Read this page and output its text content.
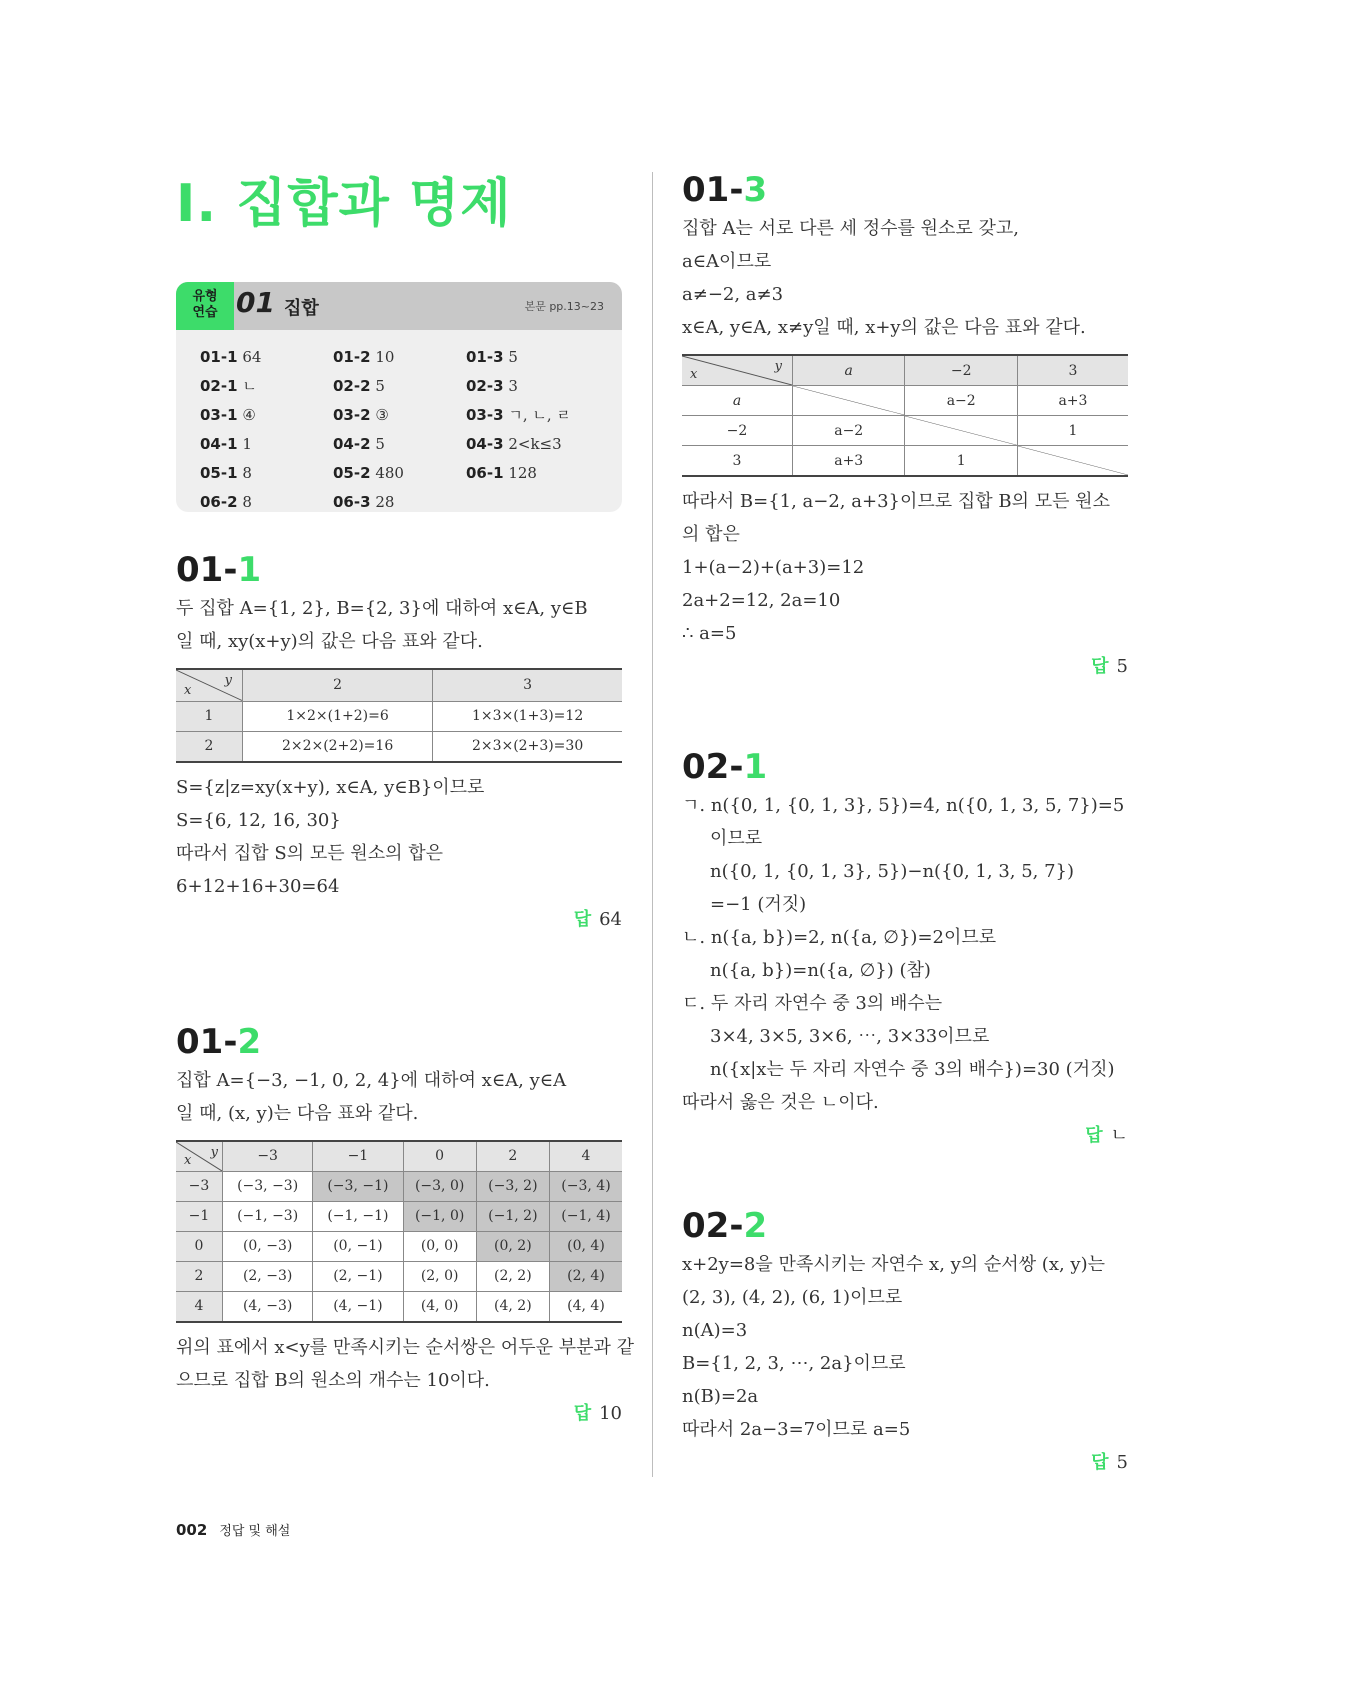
Ⅰ. 집합과 명제
유형
연습 01 집합	본문 pp.13~23
01-1 64	01-2 10	01-3 5
02-1 ㄴ	02-2 5	02-3 3
03-1 ④	03-2 ③	03-3 ㄱ, ㄴ, ㄹ
04-1 1	04-2 5	04-3 2<k≤3
05-1 8	05-2 480	06-1 128
06-2 8	06-3 28
01-1
두 집합 A={1, 2}, B={2, 3}에 대하여 x∈A, y∈B
일 때, xy(x+y)의 값은 다음 표와 같다.
x
y	2	3
1	1×2×(1+2)=6	1×3×(1+3)=12
2	2×2×(2+2)=16	2×3×(2+3)=30
S={z|z=xy(x+y), x∈A, y∈B}이므로
S={6, 12, 16, 30}
따라서 집합 S의 모든 원소의 합은
6+12+16+30=64
답 64
01-2
집합 A={−3, −1, 0, 2, 4}에 대하여 x∈A, y∈A
일 때, (x, y)는 다음 표와 같다.
x
y	−3	−1	0	2	4
−3	(−3, −3)	(−3, −1)	(−3, 0)	(−3, 2)	(−3, 4)
−1	(−1, −3)	(−1, −1)	(−1, 0)	(−1, 2)	(−1, 4)
0	(0, −3)	(0, −1)	(0, 0)	(0, 2)	(0, 4)
2	(2, −3)	(2, −1)	(2, 0)	(2, 2)	(2, 4)
4	(4, −3)	(4, −1)	(4, 0)	(4, 2)	(4, 4)
위의 표에서 x<y를 만족시키는 순서쌍은 어두운 부분과 같
으므로 집합 B의 원소의 개수는 10이다.
답 10
01-3
집합 A는 서로 다른 세 정수를 원소로 갖고,
a∈A이므로
a≠−2, a≠3
x∈A, y∈A, x≠y일 때, x+y의 값은 다음 표와 같다.
x
y	a	−2	3
a		a−2	a+3
−2	a−2		1
3	a+3	1	
따라서 B={1, a−2, a+3}이므로 집합 B의 모든 원소
의 합은
1+(a−2)+(a+3)=12
2a+2=12, 2a=10
∴ a=5
답 5
02-1
ㄱ. n({0, 1, {0, 1, 3}, 5})=4, n({0, 1, 3, 5, 7})=5
이므로
n({0, 1, {0, 1, 3}, 5})−n({0, 1, 3, 5, 7})
=−1 (거짓)
ㄴ. n({a, b})=2, n({a, ∅})=2이므로
n({a, b})=n({a, ∅}) (참)
ㄷ. 두 자리 자연수 중 3의 배수는
3×4, 3×5, 3×6, ⋯, 3×33이므로
n({x|x는 두 자리 자연수 중 3의 배수})=30 (거짓)
따라서 옳은 것은 ㄴ이다.
답 ㄴ
02-2
x+2y=8을 만족시키는 자연수 x, y의 순서쌍 (x, y)는
(2, 3), (4, 2), (6, 1)이므로
n(A)=3
B={1, 2, 3, ⋯, 2a}이므로
n(B)=2a
따라서 2a−3=7이므로 a=5
답 5
002 정답 및 해설
